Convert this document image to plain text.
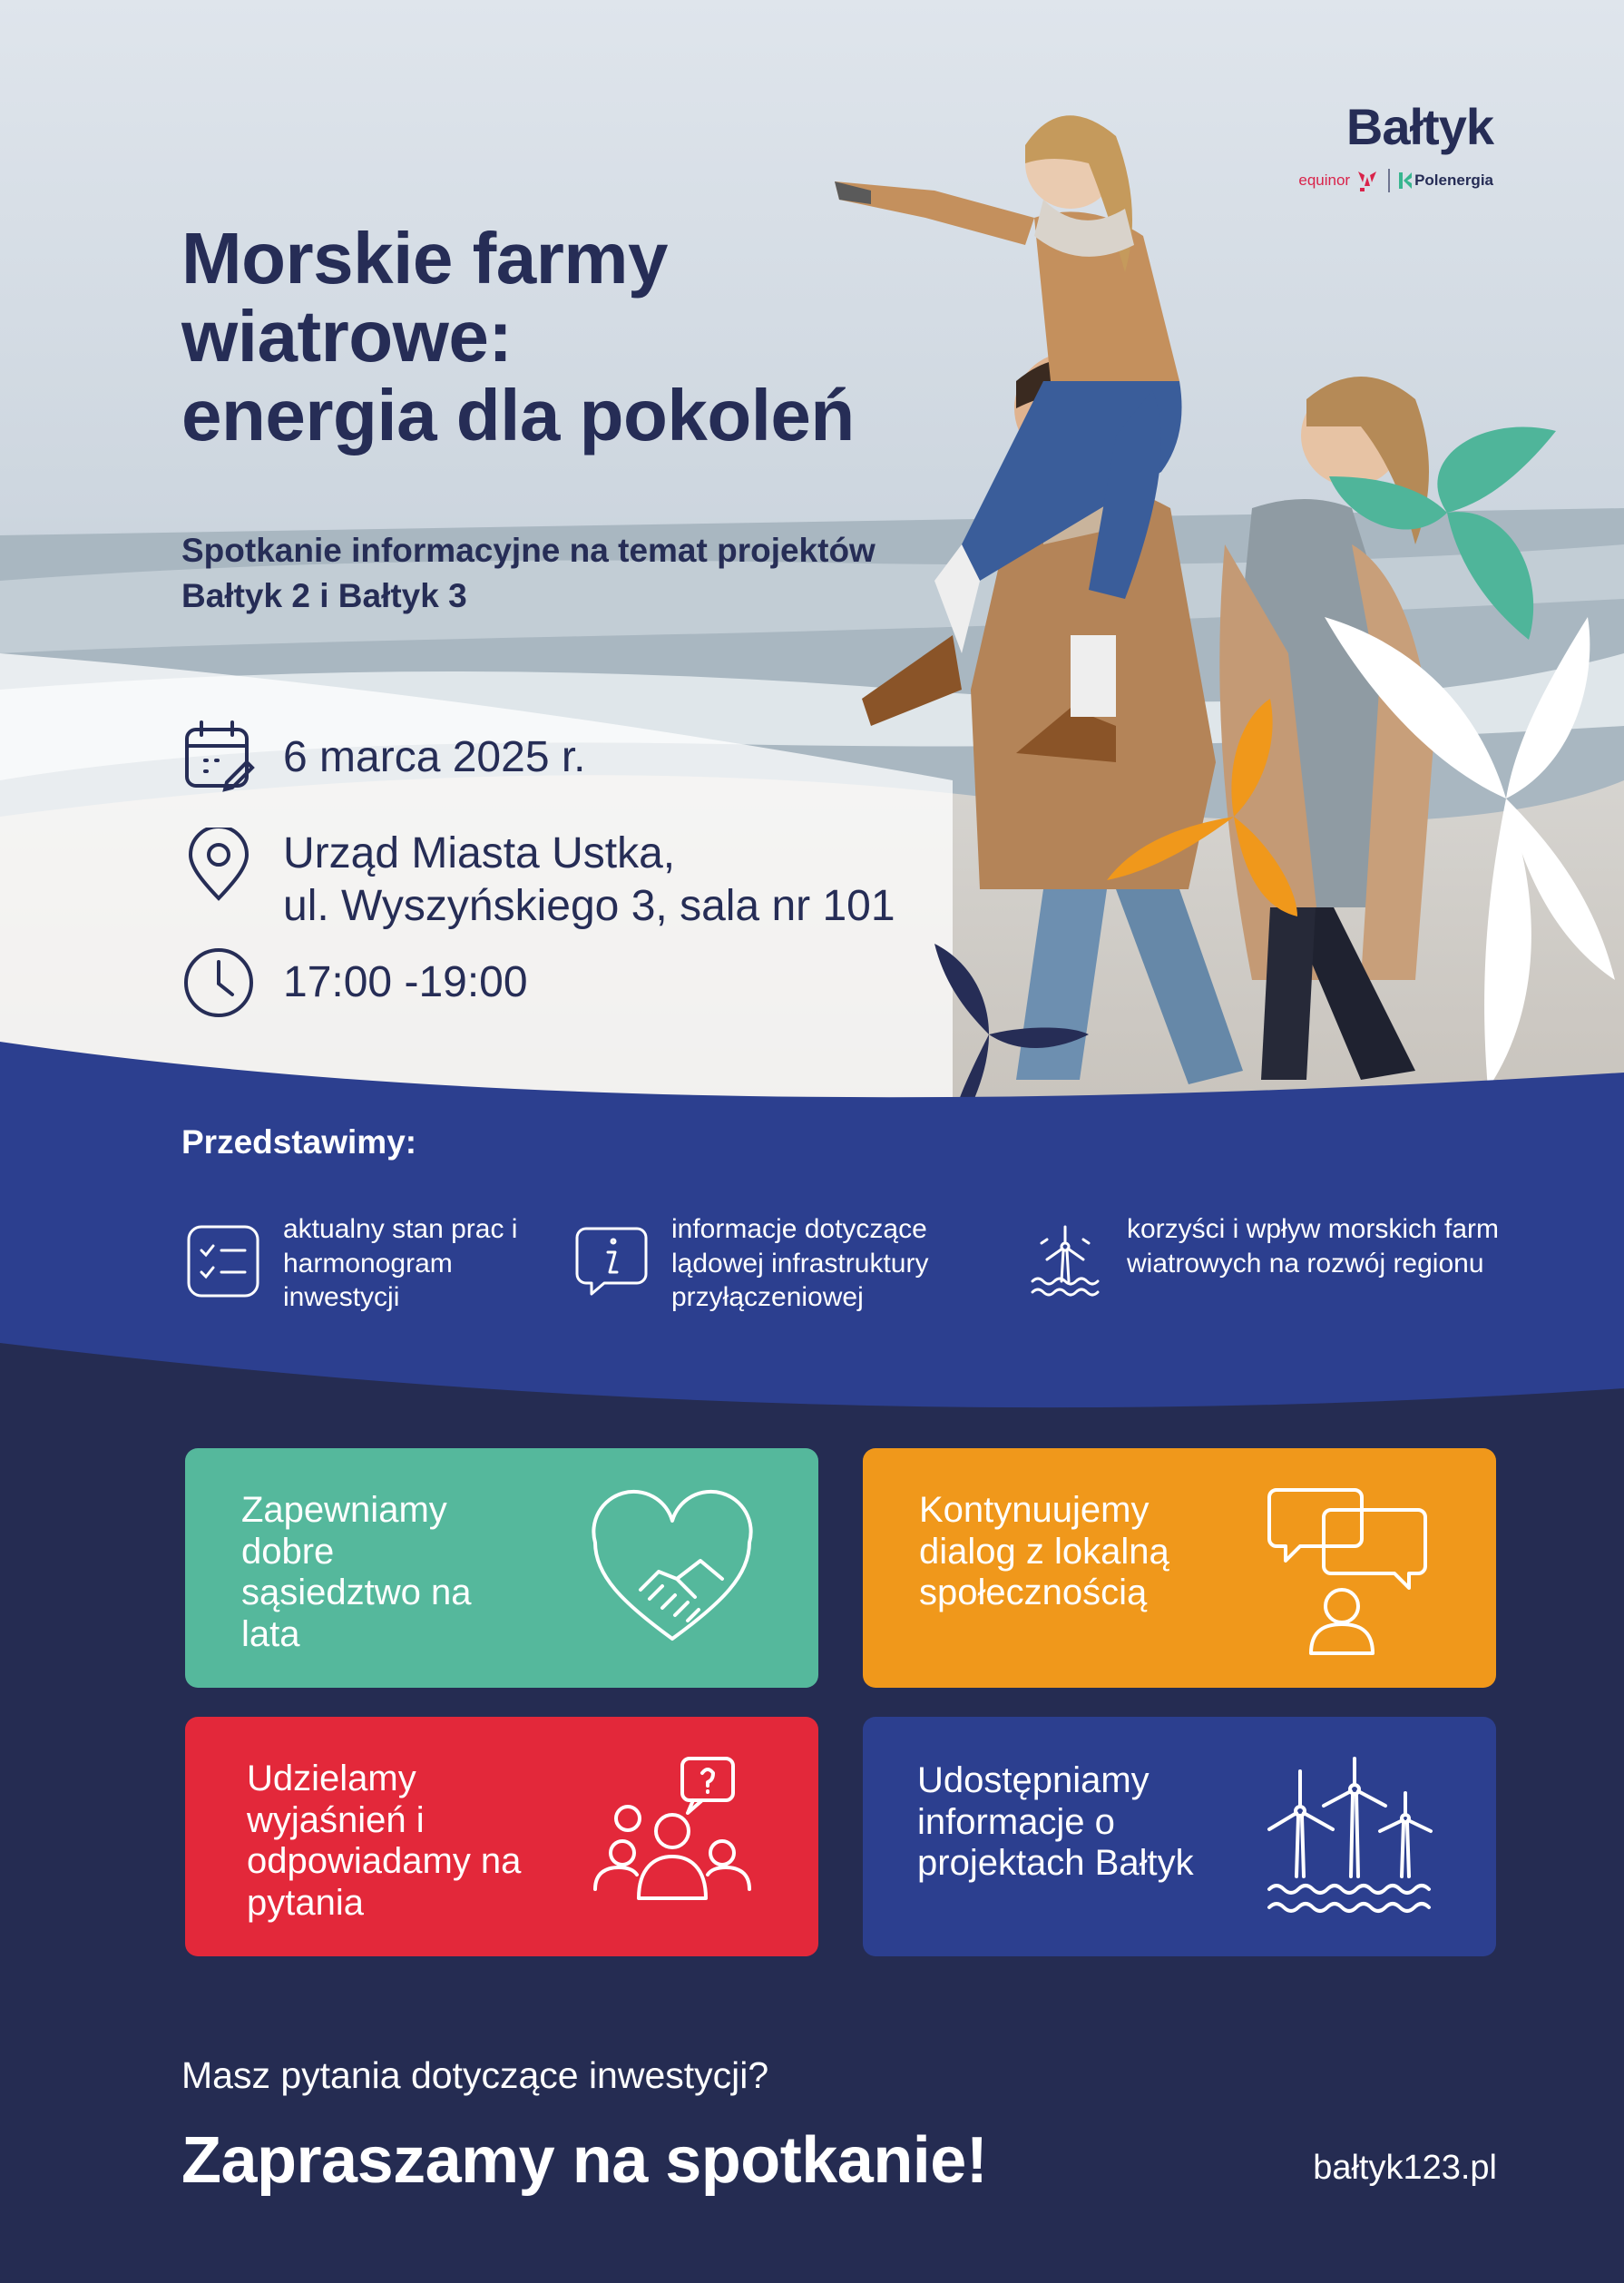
Bałtyk
equinor	Polenergia
Morskie farmy
wiatrowe:
energia dla pokoleń
Spotkanie informacyjne na temat projektów Bałtyk 2 i Bałtyk 3
6 marca 2025 r.
Urząd Miasta Ustka,
ul. Wyszyńskiego 3, sala nr 101
17:00 -19:00
Przedstawimy:
aktualny stan prac i harmonogram inwestycji
informacje dotyczące lądowej infrastruktury przyłączeniowej
korzyści i wpływ morskich farm wiatrowych na rozwój regionu
Zapewniamy dobre sąsiedztwo na lata
Kontynuujemy dialog z lokalną społecznością
Udzielamy wyjaśnień i odpowiadamy na pytania
Udostępniamy informacje o projektach Bałtyk
Masz pytania dotyczące inwestycji?
Zapraszamy na spotkanie!	bałtyk123.pl
